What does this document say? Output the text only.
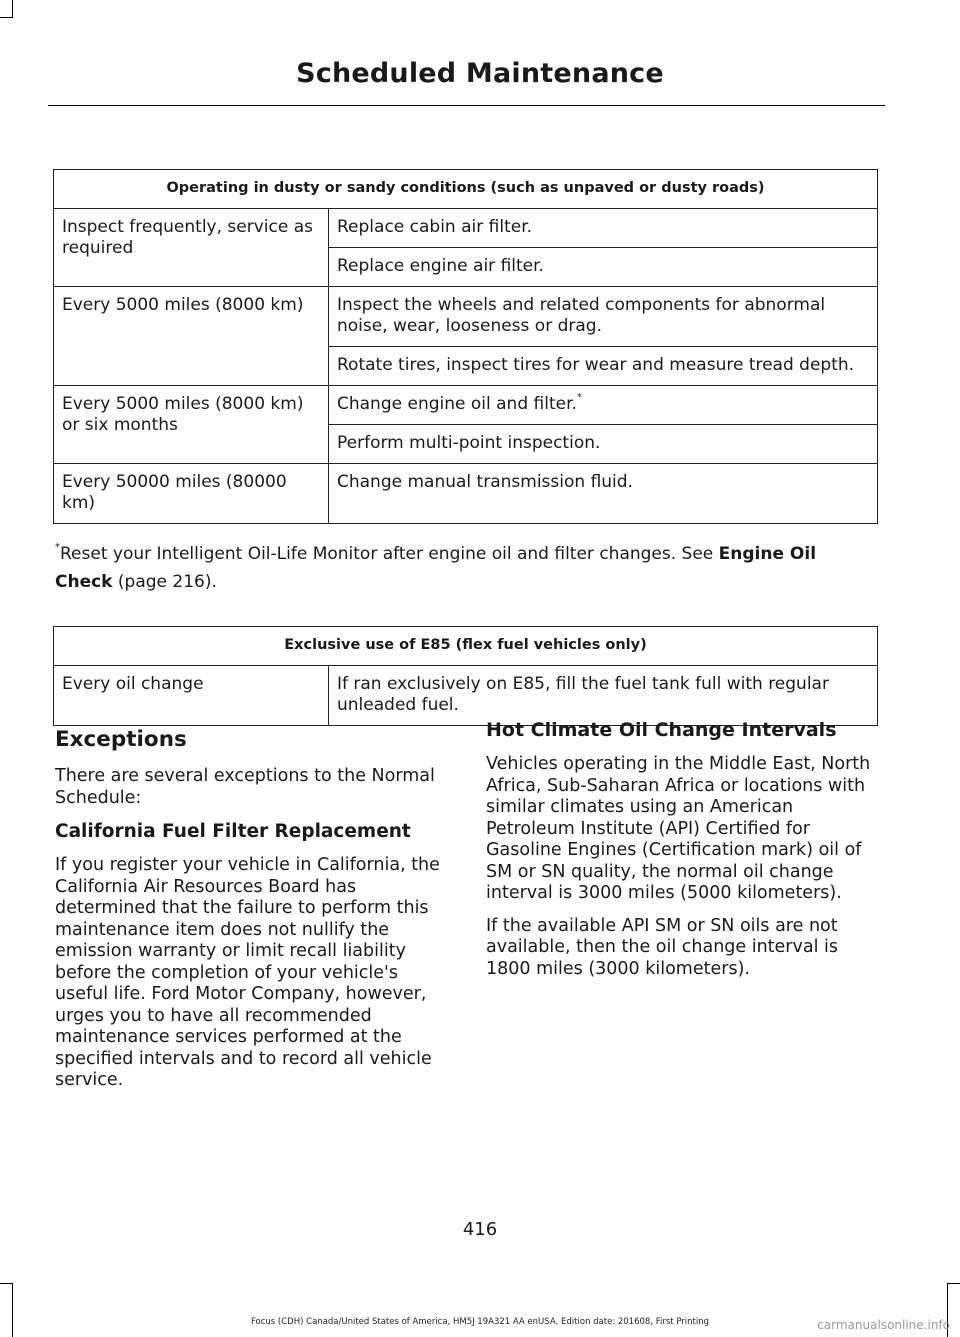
Scheduled Maintenance
Operating in dusty or sandy conditions (such as unpaved or dusty roads)	
Inspect frequently, service as required	Replace cabin air filter.
	Replace engine air filter.
Every 5000 miles (8000 km)	Inspect the wheels and related components for abnormal noise, wear, looseness or drag.
	Rotate tires, inspect tires for wear and measure tread depth.
Every 5000 miles (8000 km) or six months	Change engine oil and filter.*
	Perform multi-point inspection.
Every 50000 miles (80000 km)	Change manual transmission fluid.
*Reset your Intelligent Oil-Life Monitor after engine oil and filter changes. See Engine Oil Check (page 216).
Exclusive use of E85 (flex fuel vehicles only)
Every oil change	If ran exclusively on E85, fill the fuel tank full with regular unleaded fuel.
Exceptions

There are several exceptions to the Normal Schedule:

California Fuel Filter Replacement

If you register your vehicle in California, the California Air Resources Board has determined that the failure to perform this maintenance item does not nullify the emission warranty or limit recall liability before the completion of your vehicle's useful life. Ford Motor Company, however, urges you to have all recommended maintenance services performed at the specified intervals and to record all vehicle service.

Hot Climate Oil Change Intervals

Vehicles operating in the Middle East, North Africa, Sub-Saharan Africa or locations with similar climates using an American Petroleum Institute (API) Certified for Gasoline Engines (Certification mark) oil of SM or SN quality, the normal oil change interval is 3000 miles (5000 kilometers).

If the available API SM or SN oils are not available, then the oil change interval is 1800 miles (3000 kilometers).

416
Focus (CDH) Canada/United States of America, HM5J 19A321 AA enUSA, Edition date: 201608, First Printing	carmanualsonline.info
